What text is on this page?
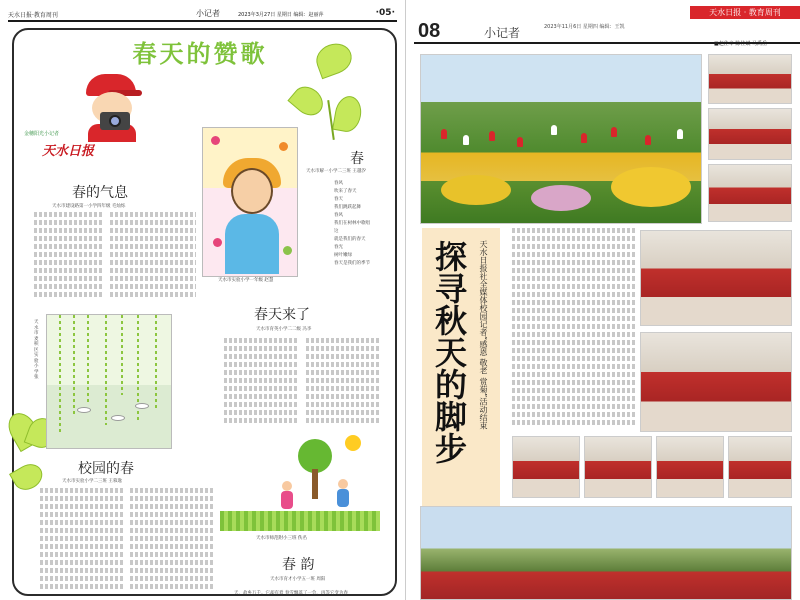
天水日报·教育周刊	小记者	2023年3月27日 星期日 编辑：赵丽萍	·05·
春天的赞歌
金穗阳光小记者
天水日报
春的气息
天水市建设路第一小学四年级 毛灿烁
天水市实验小学一年级 赵慧
春
天水市解一小学二三班 王越汐
春风
吹来了春天
春天
我们跳跃起舞
春风
我们在树林中歌唱
这
就是我们的春天
春光
树叶嫩绿
春天是我们的季节
春天来了
天水市育英小学二二级 冯李
天水市麦积区实验小学 张
校园的春
天水市实验小学二三班 王慕逸
天水市师范附小三班 佚名
春 韵
天水市育才小学五一班 周阳
天，故乡万千。它却有着 春雪飘落了一会，再等它变为春
天水日报 · 教育周刊
08	小记者	2023年11月6日 星期四 编辑：王凯
■赵佳辛 陈佳斌 马禹岳
探寻秋天的脚步	天水日报社全媒体校园记者“感恩 敬老 赏菊”活动结束
